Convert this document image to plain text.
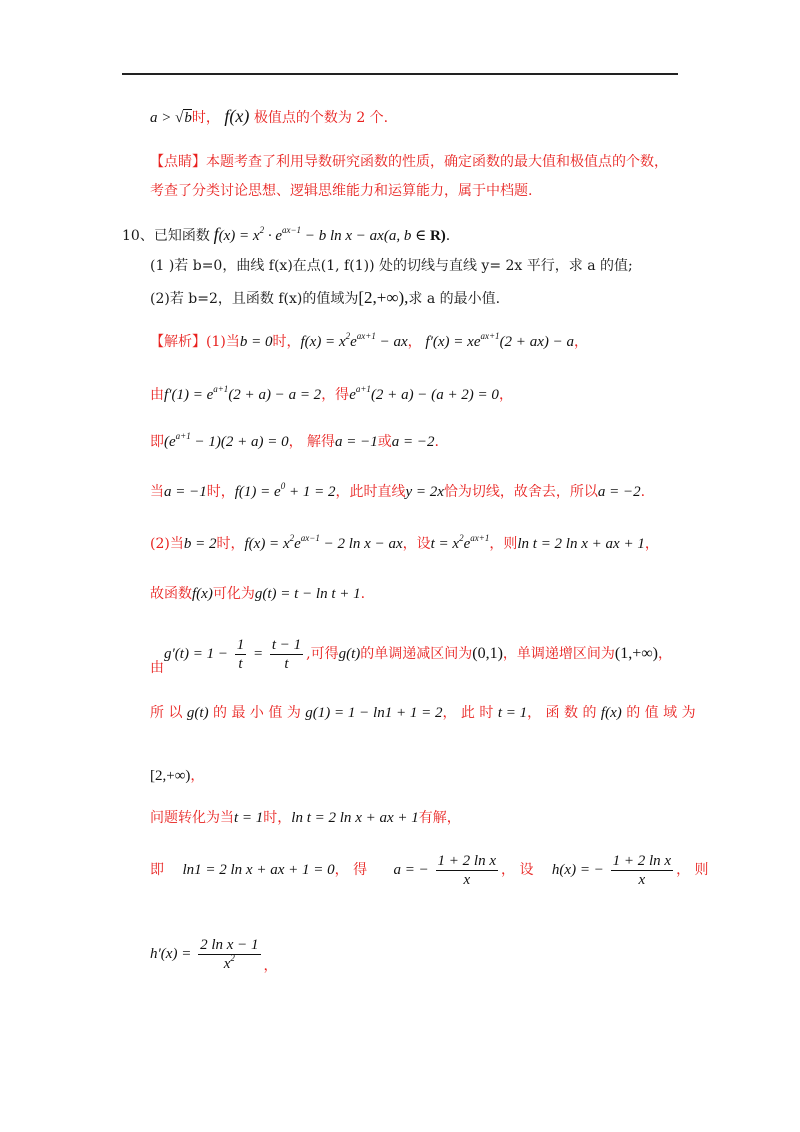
a > √b时， f(x) 极值点的个数为 2 个.
【点睛】本题考查了利用导数研究函数的性质，确定函数的最大值和极值点的个数，
考查了分类讨论思想、逻辑思维能力和运算能力，属于中档题.
10、已知函数 $f(x) = x^2 \cdot e^{ax-1} - b$ ln x − ax(a, b ∈ R).
(1 )若 b=0，曲线 f(x)在点(1, f(1)) 处的切线与直线 y= 2x 平行，求 a 的值;
(2)若 b=2，且函数 f(x)的值域为[2,+∞),求 a 的最小值.
【解析】(1)当b = 0时，$f(x) = x^2e^{ax+1}$ − ax， $f'(x) = xe^{ax+1}(2 + ax) - a$，
由$f'(1) = e^{a+1}(2 + a) - a = 2$，得$e^{a+1}(2 + a) - (a + 2) = 0$，
即$(e^{a+1} - 1)(2 + a) = 0$， 解得a = −1或a = −2.
当a = −1时，$f(1) = e^0 + 1 = 2$，此时直线y = 2x恰为切线，故舍去，所以a = −2.
(2)当b = 2时，$f(x) = x^2e^{ax-1} - 2$ ln x − ax，设$t = x^2e^{ax+1}$，则ln t = 2 ln x + ax + 1，
故函数f(x)可化为g(t) = t − ln t + 1.
由$g'(t) = 1 - \frac{1}{t} = \frac{t - 1}{t}$ ,可得g(t)的单调递减区间为(0,1)，单调递增区间为(1,+∞)，
所 以 g(t) 的 最 小 值 为 g(1) = 1 − ln1 + 1 = 2， 此 时 t = 1， 函 数 的 f(x) 的 值 域 为
[2,+∞)，
问题转化为当t = 1时，ln t = 2 ln x + ax + 1有解，
即 ln1 = 2 ln x + ax + 1 = 0， 得 a = − $\frac{\text{1 + 2 ln x}}{x}$ ， 设 h(x) = − $\frac{\text{1 + 2 ln x}}{x}$ ， 则
$h'(x) = \frac{\text{2 ln x − 1}}{x^2}$ ，
